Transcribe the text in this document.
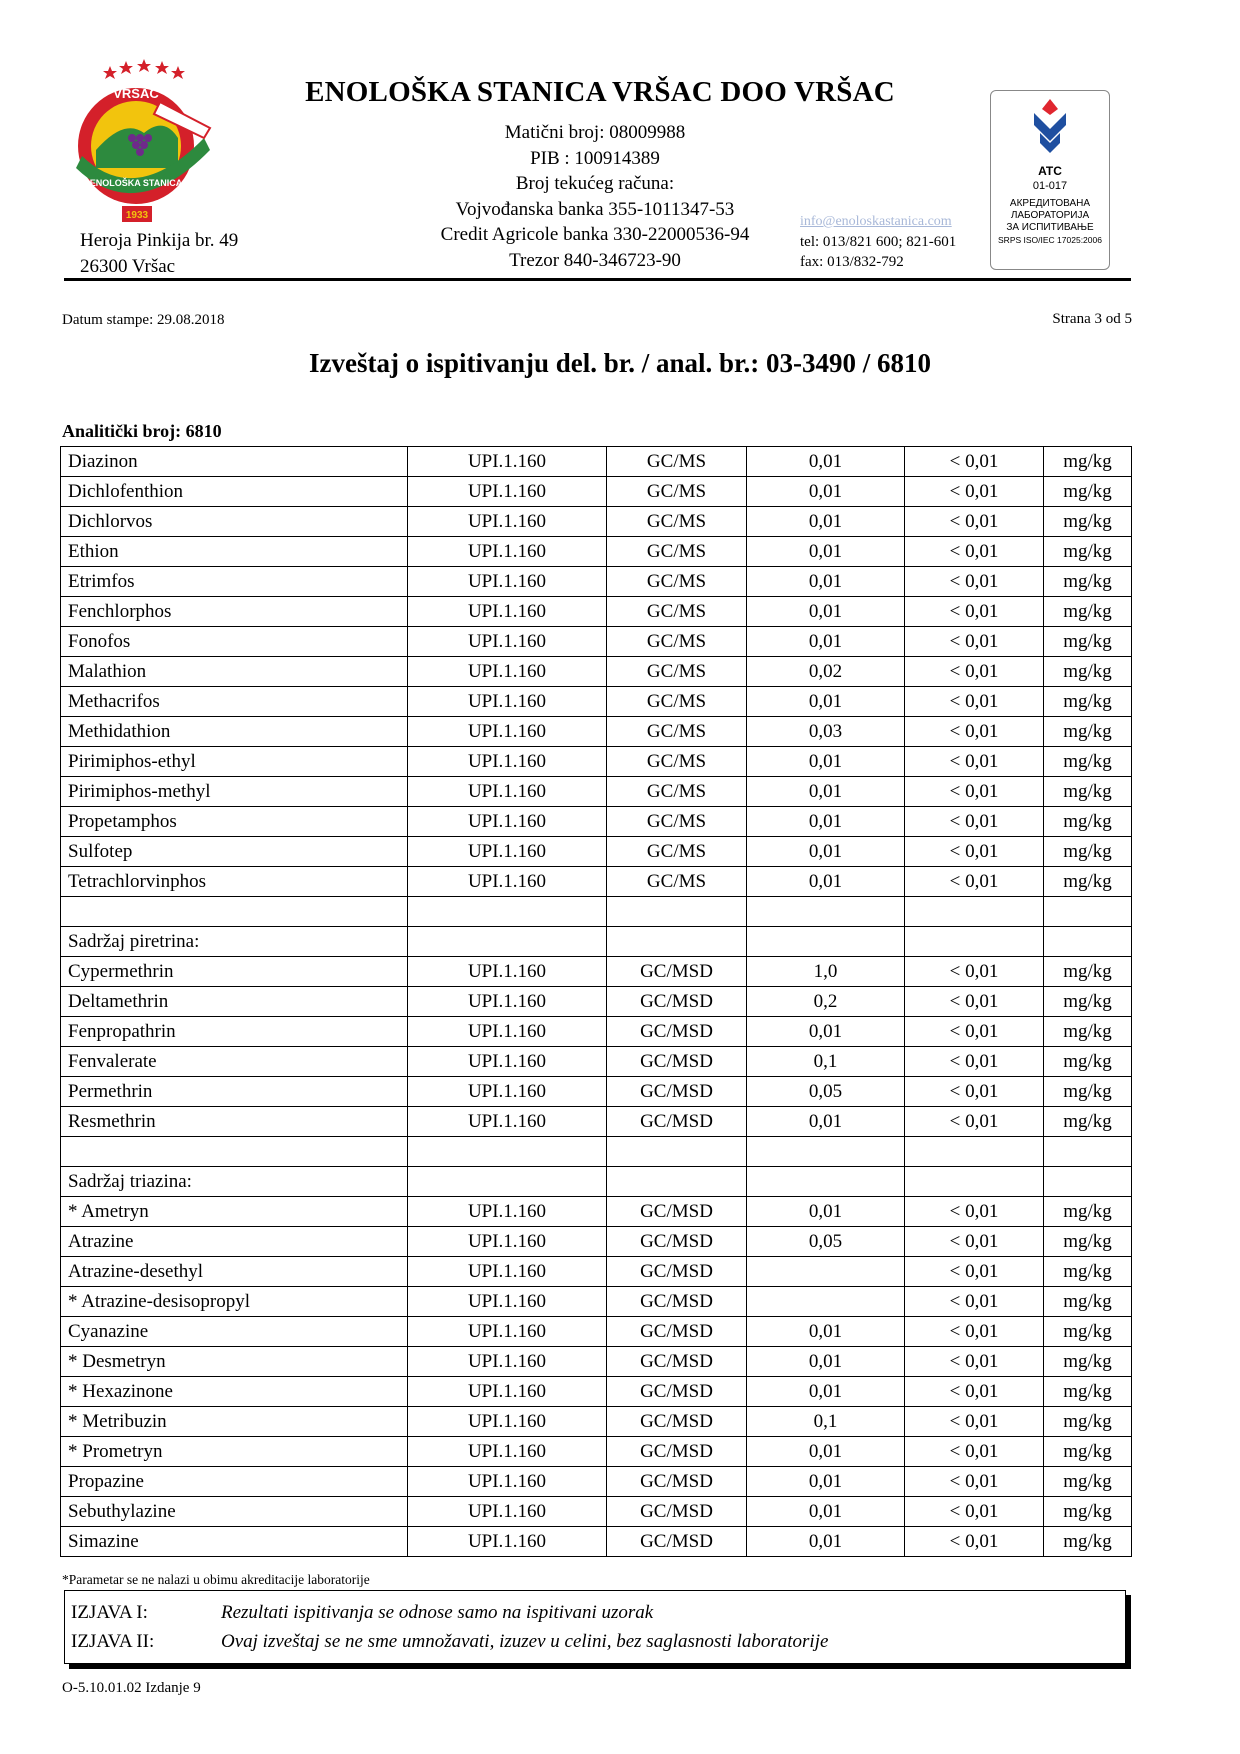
1933
VRŠAC
ENOLOŠKA STANICA
Heroja Pinkija br. 49
26300 Vršac
ENOLOŠKA STANICA VRŠAC DOO VRŠAC
Matični broj: 08009988
PIB : 100914389
Broj tekućeg računa:
Vojvođanska banka 355-1011347-53
Credit Agricole banka 330-22000536-94
Trezor 840-346723-90
info@enoloskastanica.com
tel: 013/821 600; 821-601
fax: 013/832-792
ATC
01-017
АКРЕДИТОВАНА
ЛАБОРАТОРИЈА
ЗА ИСПИТИВАЊЕ
SRPS ISO/IEC 17025:2006
Datum stampe: 29.08.2018	Strana 3 od 5
Izveštaj o ispitivanju del. br. / anal. br.: 03-3490 / 6810
Analitički broj: 6810
Diazinon	UPI.1.160	GC/MS	0,01	< 0,01	mg/kg
Dichlofenthion	UPI.1.160	GC/MS	0,01	< 0,01	mg/kg
Dichlorvos	UPI.1.160	GC/MS	0,01	< 0,01	mg/kg
Ethion	UPI.1.160	GC/MS	0,01	< 0,01	mg/kg
Etrimfos	UPI.1.160	GC/MS	0,01	< 0,01	mg/kg
Fenchlorphos	UPI.1.160	GC/MS	0,01	< 0,01	mg/kg
Fonofos	UPI.1.160	GC/MS	0,01	< 0,01	mg/kg
Malathion	UPI.1.160	GC/MS	0,02	< 0,01	mg/kg
Methacrifos	UPI.1.160	GC/MS	0,01	< 0,01	mg/kg
Methidathion	UPI.1.160	GC/MS	0,03	< 0,01	mg/kg
Pirimiphos-ethyl	UPI.1.160	GC/MS	0,01	< 0,01	mg/kg
Pirimiphos-methyl	UPI.1.160	GC/MS	0,01	< 0,01	mg/kg
Propetamphos	UPI.1.160	GC/MS	0,01	< 0,01	mg/kg
Sulfotep	UPI.1.160	GC/MS	0,01	< 0,01	mg/kg
Tetrachlorvinphos	UPI.1.160	GC/MS	0,01	< 0,01	mg/kg

Sadržaj piretrina:					
Cypermethrin	UPI.1.160	GC/MSD	1,0	< 0,01	mg/kg
Deltamethrin	UPI.1.160	GC/MSD	0,2	< 0,01	mg/kg
Fenpropathrin	UPI.1.160	GC/MSD	0,01	< 0,01	mg/kg
Fenvalerate	UPI.1.160	GC/MSD	0,1	< 0,01	mg/kg
Permethrin	UPI.1.160	GC/MSD	0,05	< 0,01	mg/kg
Resmethrin	UPI.1.160	GC/MSD	0,01	< 0,01	mg/kg

Sadržaj triazina:					
* Ametryn	UPI.1.160	GC/MSD	0,01	< 0,01	mg/kg
Atrazine	UPI.1.160	GC/MSD	0,05	< 0,01	mg/kg
Atrazine-desethyl	UPI.1.160	GC/MSD		< 0,01	mg/kg
* Atrazine-desisopropyl	UPI.1.160	GC/MSD		< 0,01	mg/kg
Cyanazine	UPI.1.160	GC/MSD	0,01	< 0,01	mg/kg
* Desmetryn	UPI.1.160	GC/MSD	0,01	< 0,01	mg/kg
* Hexazinone	UPI.1.160	GC/MSD	0,01	< 0,01	mg/kg
* Metribuzin	UPI.1.160	GC/MSD	0,1	< 0,01	mg/kg
* Prometryn	UPI.1.160	GC/MSD	0,01	< 0,01	mg/kg
Propazine	UPI.1.160	GC/MSD	0,01	< 0,01	mg/kg
Sebuthylazine	UPI.1.160	GC/MSD	0,01	< 0,01	mg/kg
Simazine	UPI.1.160	GC/MSD	0,01	< 0,01	mg/kg
*Parametar se ne nalazi u obimu akreditacije laboratorije
IZJAVA I:	Rezultati ispitivanja se odnose samo na ispitivani uzorak
IZJAVA II:	Ovaj izveštaj se ne sme umnožavati, izuzev u celini, bez saglasnosti laboratorije
O-5.10.01.02 Izdanje 9
